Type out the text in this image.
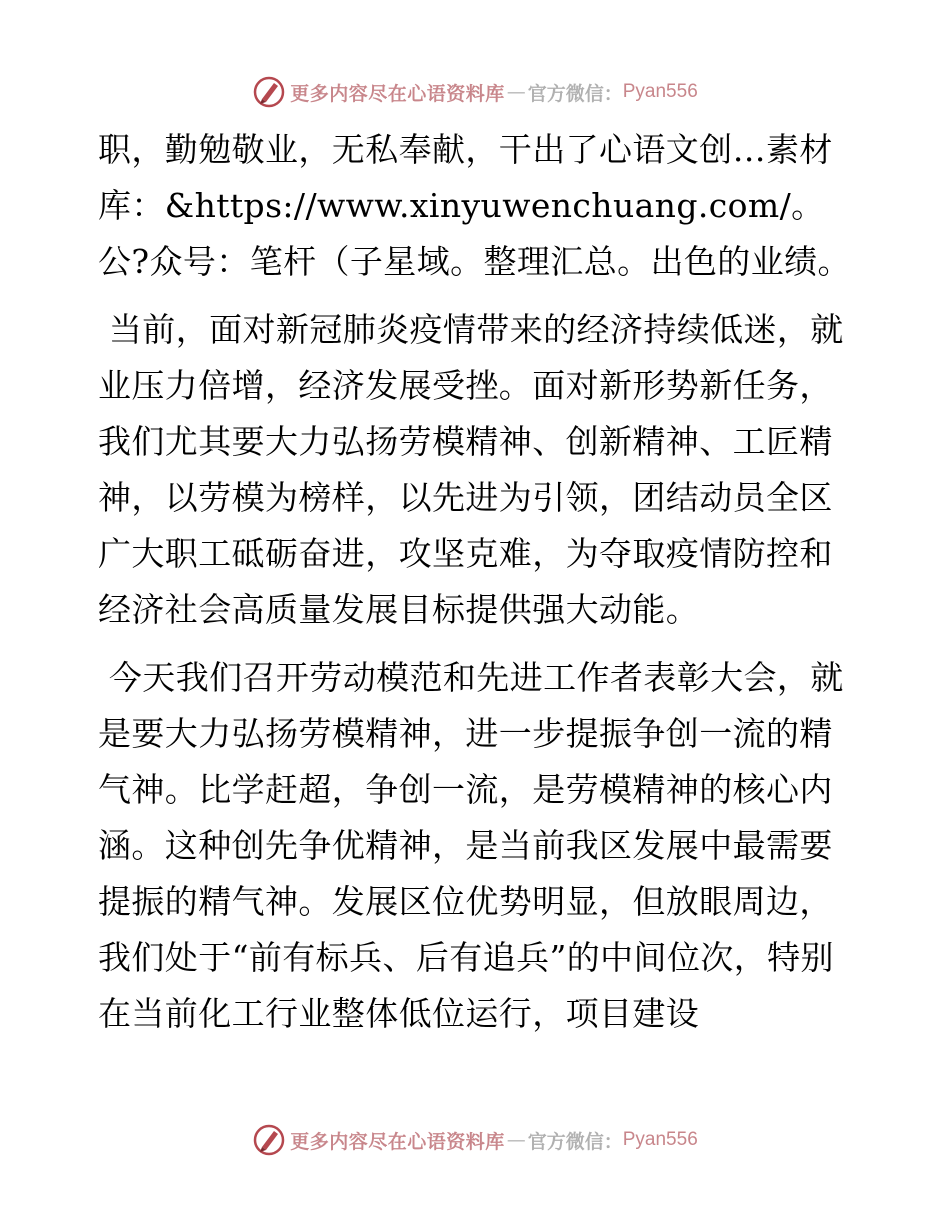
更多内容尽在心语资料库 — 官方微信： Pyan556

职，勤勉敬业，无私奉献，干出了心语文创…素材库：&https://www.xinyuwenchuang.com/。公?众号：笔杆（子星域。整理汇总。出色的业绩。

当前，面对新冠肺炎疫情带来的经济持续低迷，就业压力倍增，经济发展受挫。面对新形势新任务，我们尤其要大力弘扬劳模精神、创新精神、工匠精神，以劳模为榜样，以先进为引领，团结动员全区广大职工砥砺奋进，攻坚克难，为夺取疫情防控和经济社会高质量发展目标提供强大动能。

今天我们召开劳动模范和先进工作者表彰大会，就是要大力弘扬劳模精神，进一步提振争创一流的精气神。比学赶超，争创一流，是劳模精神的核心内涵。这种创先争优精神，是当前我区发展中最需要提振的精气神。发展区位优势明显，但放眼周边，我们处于“前有标兵、后有追兵”的中间位次，特别在当前化工行业整体低位运行，项目建设

更多内容尽在心语资料库 — 官方微信： Pyan556
